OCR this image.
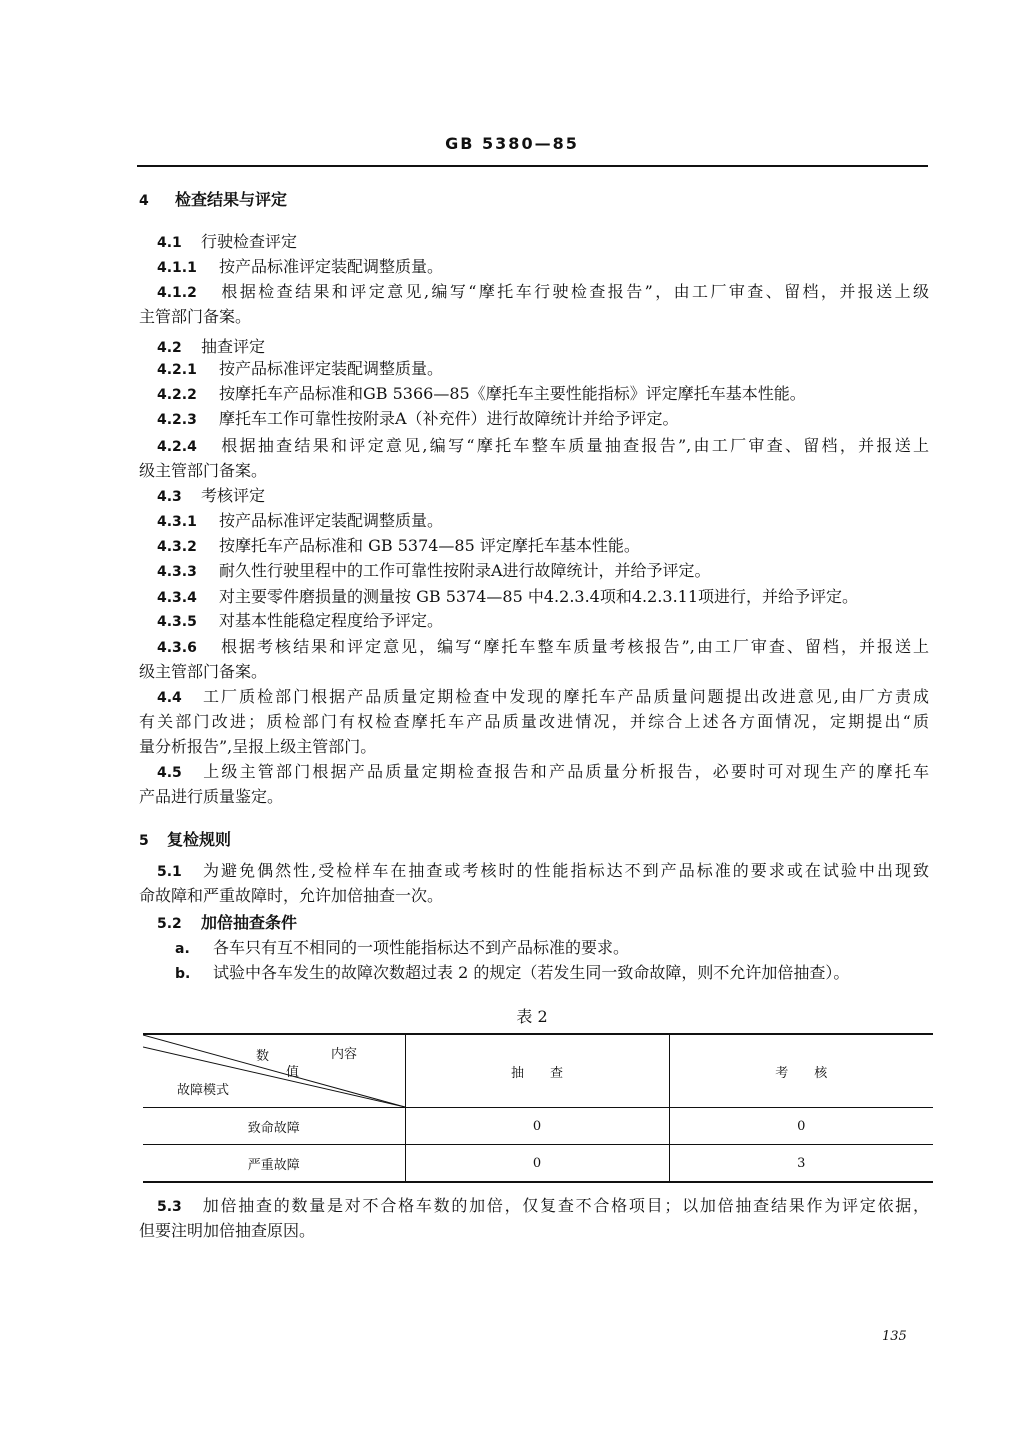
GB 5380—85
4 检查结果与评定
4.1 行驶检查评定
4.1.1 按产品标准评定装配调整质量。
4.1.2 根据检查结果和评定意见,编写“摩托车行驶检查报告”，由工厂审查、留档，并报送上级
主管部门备案。
4.2 抽查评定
4.2.1 按产品标准评定装配调整质量。
4.2.2 按摩托车产品标准和GB 5366—85《摩托车主要性能指标》评定摩托车基本性能。
4.2.3 摩托车工作可靠性按附录A（补充件）进行故障统计并给予评定。
4.2.4 根据抽查结果和评定意见,编写“摩托车整车质量抽查报告”,由工厂审查、留档，并报送上
级主管部门备案。
4.3 考核评定
4.3.1 按产品标准评定装配调整质量。
4.3.2 按摩托车产品标准和 GB 5374—85 评定摩托车基本性能。
4.3.3 耐久性行驶里程中的工作可靠性按附录A进行故障统计，并给予评定。
4.3.4 对主要零件磨损量的测量按 GB 5374—85 中4.2.3.4项和4.2.3.11项进行，并给予评定。
4.3.5 对基本性能稳定程度给予评定。
4.3.6 根据考核结果和评定意见，编写“摩托车整车质量考核报告”,由工厂审查、留档，并报送上
级主管部门备案。
4.4 工厂质检部门根据产品质量定期检查中发现的摩托车产品质量问题提出改进意见,由厂方责成
有关部门改进；质检部门有权检查摩托车产品质量改进情况，并综合上述各方面情况，定期提出“质
量分析报告”,呈报上级主管部门。
4.5 上级主管部门根据产品质量定期检查报告和产品质量分析报告，必要时可对现生产的摩托车
产品进行质量鉴定。
5 复检规则
5.1 为避免偶然性,受检样车在抽查或考核时的性能指标达不到产品标准的要求或在试验中出现致
命故障和严重故障时，允许加倍抽查一次。
5.2 加倍抽查条件
a. 各车只有互不相同的一项性能指标达不到产品标准的要求。
b. 试验中各车发生的故障次数超过表 2 的规定（若发生同一致命故障，则不允许加倍抽查）。
表 2
内容
数
值
故障模式	抽　　查	考　　核
致命故障	0	0
严重故障	0	3
5.3 加倍抽查的数量是对不合格车数的加倍，仅复查不合格项目；以加倍抽查结果作为评定依据，
但要注明加倍抽查原因。
135
